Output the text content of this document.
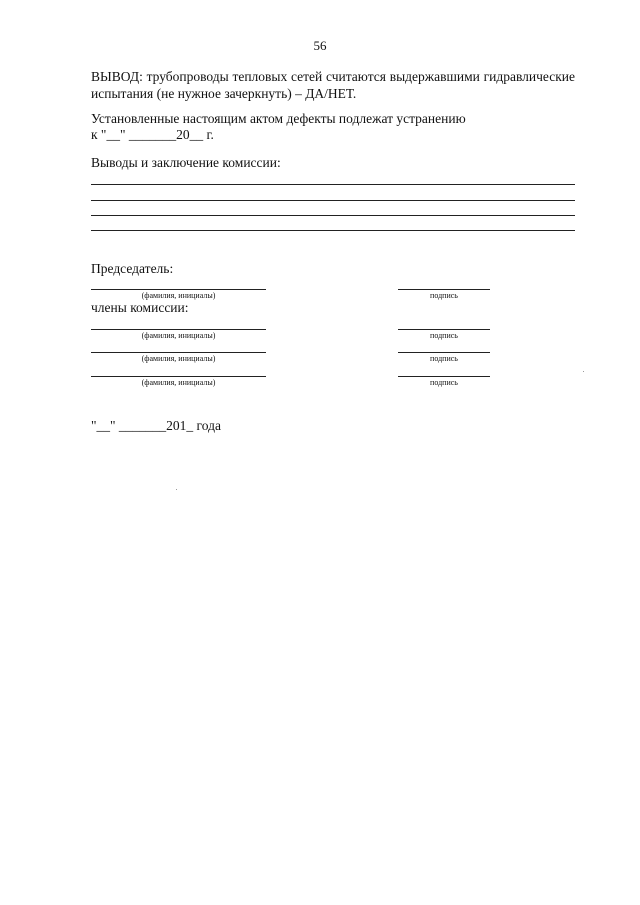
56
ВЫВОД: трубопроводы тепловых сетей считаются выдержавшими гидравлические
испытания (не нужное зачеркнуть) – ДА/НЕТ.
Установленные настоящим актом дефекты подлежат устранению
к "__" _______20__ г.
Выводы и заключение комиссии:
Председатель:
(фамилия, инициалы)	подпись
члены комиссии:
(фамилия, инициалы)	подпись
(фамилия, инициалы)	подпись
(фамилия, инициалы)	подпись
"__" _______201_ года
